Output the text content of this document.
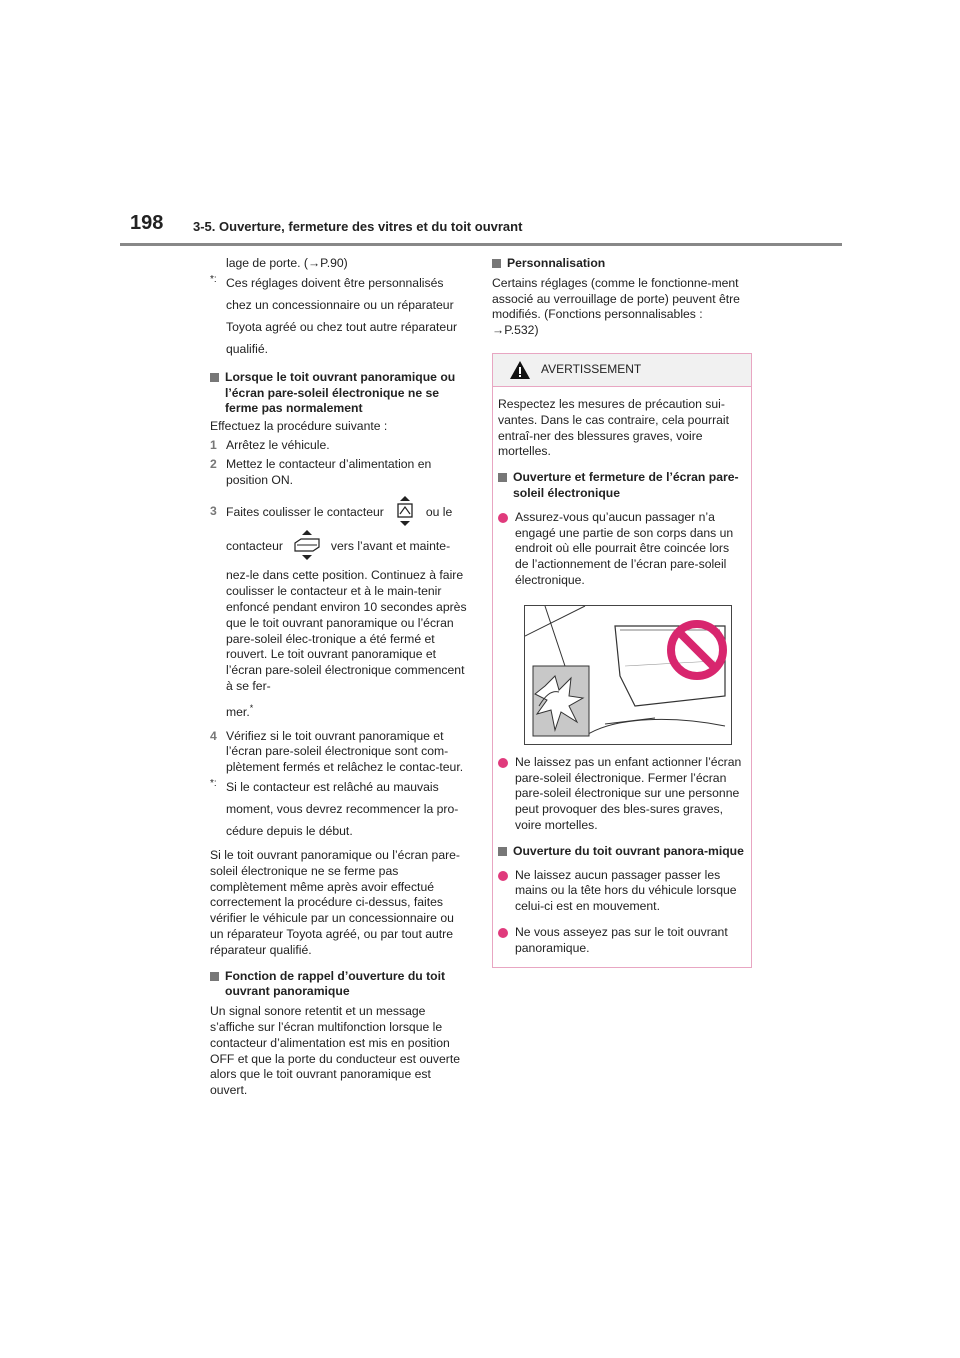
198 3-5. Ouverture, fermeture des vitres et du toit ouvrant

lage de porte. (→P.90)

*: Ces réglages doivent être personnalisés
chez un concessionnaire ou un réparateur
Toyota agréé ou chez tout autre réparateur
qualifié.
Lorsque le toit ouvrant panoramique ou l’écran pare-soleil électronique ne se ferme pas normalement

Effectuez la procédure suivante :

1 Arrêtez le véhicule.
2 Mettez le contacteur d’alimentation en position ON.
3 Faites coulisser le contacteur	ou le
contacteur	vers l’avant et mainte-
nez-le dans cette position. Continuez à faire coulisser le contacteur et à le main-tenir enfoncé pendant environ 10 secondes après que le toit ouvrant panoramique ou l’écran pare-soleil élec-tronique a été fermé et rouvert. Le toit ouvrant panoramique et l’écran pare-soleil électronique commencent à se fer-
mer.*
4 Vérifiez si le toit ouvrant panoramique et l’écran pare-soleil électronique sont com-plètement fermés et relâchez le contac-teur.
*: Si le contacteur est relâché au mauvais
moment, vous devrez recommencer la pro-
cédure depuis le début.

Si le toit ouvrant panoramique ou l’écran pare-soleil électronique ne se ferme pas complètement même après avoir effectué correctement la procédure ci-dessus, faites vérifier le véhicule par un concessionnaire ou un réparateur Toyota agréé, ou par tout autre réparateur qualifié.

Fonction de rappel d’ouverture du toit ouvrant panoramique

Un signal sonore retentit et un message s’affiche sur l’écran multifonction lorsque le contacteur d’alimentation est mis en position OFF et que la porte du conducteur est ouverte alors que le toit ouvrant panoramique est ouvert.

Personnalisation

Certains réglages (comme le fonctionne-ment associé au verrouillage de porte) peuvent être modifiés. (Fonctions personnalisables : →P.532)

AVERTISSEMENT

Respectez les mesures de précaution sui-vantes. Dans le cas contraire, cela pourrait entraî-ner des blessures graves, voire mortelles.

Ouverture et fermeture de l’écran pare-soleil électronique
Assurez-vous qu’aucun passager n’a engagé une partie de son corps dans un endroit où elle pourrait être coincée lors de l’actionnement de l’écran pare-soleil électronique.
Ne laissez pas un enfant actionner l’écran pare-soleil électronique. Fermer l’écran pare-soleil électronique sur une personne peut provoquer des bles-sures graves, voire mortelles.
Ouverture du toit ouvrant panora-mique
Ne laissez aucun passager passer les mains ou la tête hors du véhicule lorsque celui-ci est en mouvement.
Ne vous asseyez pas sur le toit ouvrant panoramique.
